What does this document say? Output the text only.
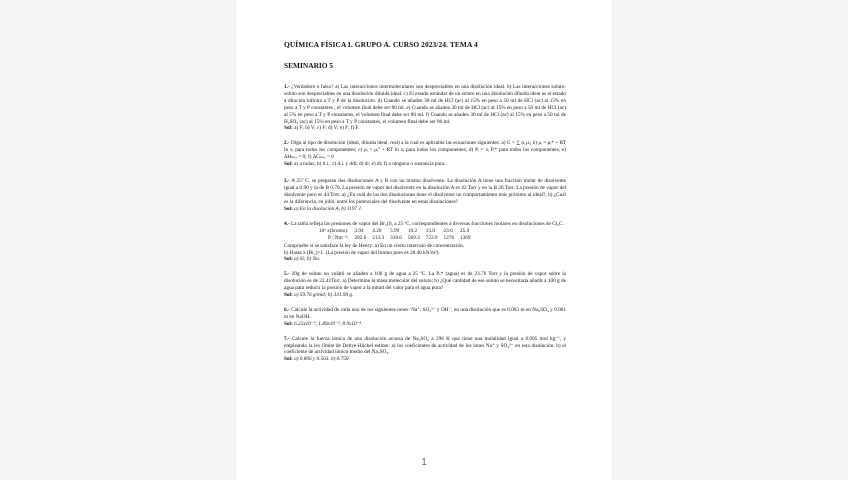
QUÍMICA FÍSICA I. GRUPO A. CURSO 2023/24. TEMA 4

SEMINARIO 5

1.- ¿Verdadero o falso? a) Las interacciones intermoleculares son despreciables en una disolución ideal. b) Las interacciones soluto-soluto son despreciables en una disolución diluida ideal. c) El estado estándar de un soluto en una disolución diluida ideal es el estado a dilución infinita a T y P de la disolución. d) Cuando se añaden 30 ml de HCl (ac) al 15% en peso a 50 ml de HCl (ac) al 15% en peso a T y P constantes , el volumen final debe ser 80 ml. e) Cuando se añaden 30 ml de HCl (ac) al 15% en peso a 50 ml de HCl (ac) al 5% en peso a T y P constantes, el volumen final debe ser 80 ml. f) Cuando se añaden 30 ml de HCl (ac) al 15% en peso a 50 ml de H₂SO₄ (ac) al 15% en peso a T y P constantes, el volumen final debe ser 80 ml.
Sol: a) F; b) V; c) F; d) V; e) F; f) F.

2.- Diga al tipo de disolución (ideal, diluida ideal, real) a la cual es aplicable las ecuaciones siguientes: a) G = ∑ nᵢ μᵢ; b) μᵢ = μᵢ* + RT ln xᵢ para todos los componentes; c) μᵢ = μᵢ° + RT ln xᵢ para todos los componentes; d) Pᵢ = xᵢ Pᵢ* para todos los componentes; e) ΔHₘₑᵣ = 0; f) ΔGₘₑᵣ = 0
Sol: a) a todas; b) d.i.; c) d.i. y ddi; d) di; e) di; f) a ninguna o sustancia pura.

3.- A 25º C, se preparan dos disoluciones A y B con un mismo disolvente. La disolución A tiene una fracción molar de disolvente igual a 0.90 y la de B 0.70. La presión de vapor del disolvente en la disolución A es 42 Torr y en la B 26 Torr. La presión de vapor del disolvente puro es 44 Torr. a) ¿En cuál de las dos disoluciones tiene el disolvente un comportamiento más próximo al ideal?, b) ¿Cuál es la diferencia, en julio, entre los potenciales del disolvente en estas disoluciones?
Sol: a) En la disolución A, b) 1197 J.

4.- La tabla refleja las presiones de vapor del Br₂(l), a 25 ºC, correspondientes a diversas fracciones molares en disoluciones de Cl₄C.
10³ x(bromo):	3.94	4.20	5.99	10.2	13.0	23.6	25.0
P / Nm⁻²:	202.6	213.3	318.6	569.3	723.9	1276	1369
Compruebe si se satisface la ley de Henry: a) En un cierto intervalo de concentración.
b) Hasta x (Br₂)=1. (La presión de vapor del bromo puro es 28.40 kN/m²).
Sol: a) Si; b) No.

5.- 20g de soluto no volátil se añaden a 100 g de agua a 25 ºC. La Pᵥ* (agua) es de 23.76 Torr y la presión de vapor sobre la disolución es de 22.41Torr. a) Determine la masa molecular del soluto; b) ¿Qué cantidad de ese soluto se necesitaría añadir a 100 g de agua para reducir la presión de vapor a la mitad del valor para el agua pura?
Sol: a) 59.76 g/mol; b) 331.99 g.

6.- Calcule la actividad de cada uno de los siguientes iones: Na⁺, SO₄²⁻ y OH⁻, en una disolución que es 0.003 m en Na₂SO₄ y 0.001 m en NaOH.
Sol: 6.22x10⁻³; 1.89x10⁻³; 8.9x10⁻⁴.

7.- Calcule la fuerza iónica de una disolución acuosa de Na₂SO₄ a 298 K que tiene una molalidad igual a 0.005 mol kg⁻¹, y empleando la ley límite de Debye-Hückel estime: a) los coeficientes de actividad de los iones Na⁺ y SO₄²⁻ en esta disolución. b) el coeficiente de actividad iónico medio del Na₂SO₄.
Sol: a) 0.866 y 0.563. b) 0.750.

1
